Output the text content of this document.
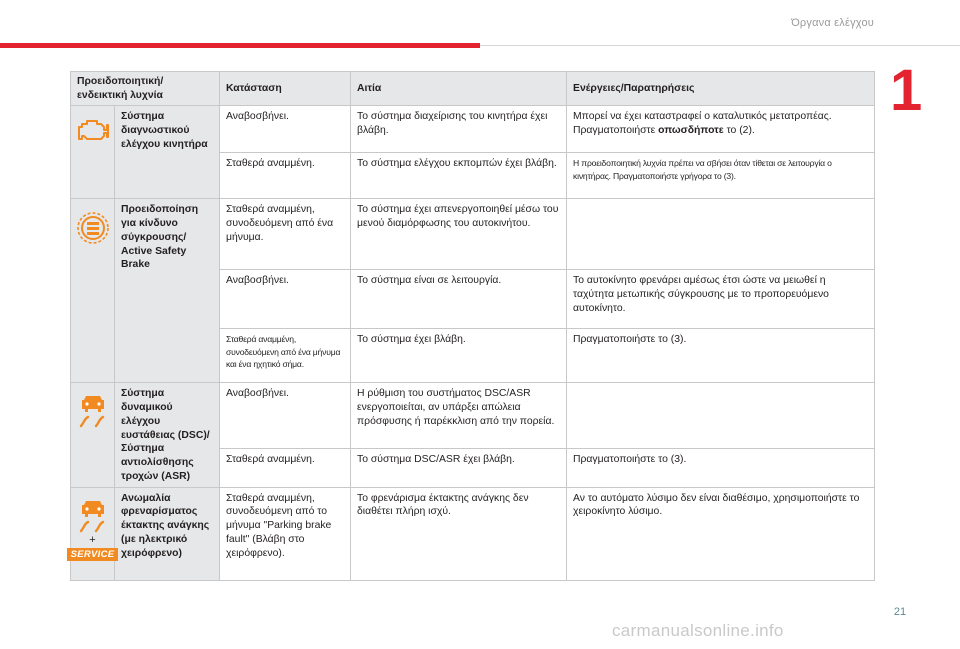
Όργανα ελέγχου
1
Προειδοποιητική/ενδεικτική λυχνία		Κατάσταση	Αιτία	Ενέργειες/Παρατηρήσεις

	Σύστημα διαγνωστικού ελέγχου κινητήρα	Αναβοσβήνει.	Το σύστημα διαχείρισης του κινητήρα έχει βλάβη.	Μπορεί να έχει καταστραφεί ο καταλυτικός μετατροπέας. Πραγματοποιήστε οπωσδήποτε το (2).
		Σταθερά αναμμένη.	Το σύστημα ελέγχου εκπομπών έχει βλάβη.	Η προειδοποιητική λυχνία πρέπει να σβήσει όταν τίθεται σε λειτουργία ο κινητήρας. Πραγματοποιήστε γρήγορα το (3).

	Προειδοποίηση για κίνδυνο σύγκρουσης/ Active Safety Brake	Σταθερά αναμμένη, συνοδευόμενη από ένα μήνυμα.	Το σύστημα έχει απενεργοποιηθεί μέσω του μενού διαμόρφωσης του αυτοκινήτου.	
		Αναβοσβήνει.	Το σύστημα είναι σε λειτουργία.	Το αυτοκίνητο φρενάρει αμέσως έτσι ώστε να μειωθεί η ταχύτητα μετωπικής σύγκρουσης με το προπορευόμενο αυτοκίνητο.
		Σταθερά αναμμένη, συνοδευόμενη από ένα μήνυμα και ένα ηχητικό σήμα.	Το σύστημα έχει βλάβη.	Πραγματοποιήστε το (3).

	Σύστημα δυναμικού ελέγχου ευστάθειας (DSC)/Σύστημα αντιολίσθησης τροχών (ASR)	Αναβοσβήνει.	Η ρύθμιση του συστήματος DSC/ASR ενεργοποιείται, αν υπάρξει απώλεια πρόσφυσης ή παρέκκλιση από την πορεία.	
		Σταθερά αναμμένη.	Το σύστημα DSC/ASR έχει βλάβη.	Πραγματοποιήστε το (3).

+
SERVICE	Ανωμαλία φρεναρίσματος έκτακτης ανάγκης (με ηλεκτρικό χειρόφρενο)	Σταθερά αναμμένη, συνοδευόμενη από το μήνυμα "Parking brake fault" (Βλάβη στο χειρόφρενο).	Το φρενάρισμα έκτακτης ανάγκης δεν διαθέτει πλήρη ισχύ.	Αν το αυτόματο λύσιμο δεν είναι διαθέσιμο, χρησιμοποιήστε το χειροκίνητο λύσιμο.
21
carmanualsonline.info
